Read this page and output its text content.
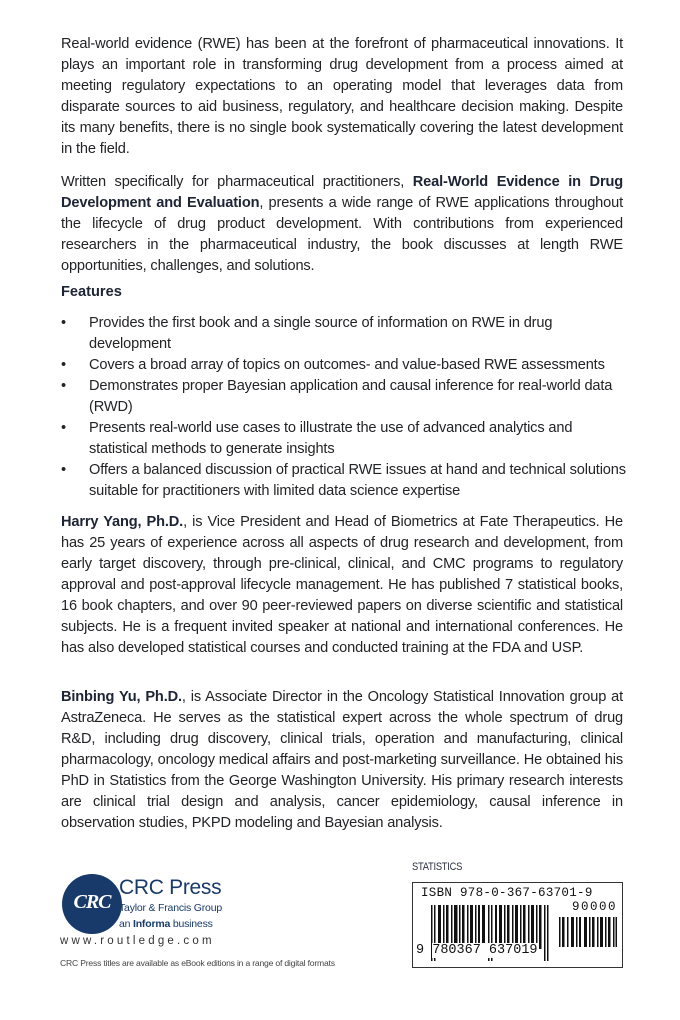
Real-world evidence (RWE) has been at the forefront of pharmaceutical innovations. It plays an important role in transforming drug development from a process aimed at meeting regulatory expectations to an operating model that leverages data from disparate sources to aid business, regulatory, and healthcare decision making. Despite its many benefits, there is no single book systematically covering the latest development in the field.

Written specifically for pharmaceutical practitioners, Real-World Evidence in Drug Development and Evaluation, presents a wide range of RWE applications throughout the lifecycle of drug product development. With contributions from experienced researchers in the pharmaceutical industry, the book discusses at length RWE opportunities, challenges, and solutions.

Features
• Provides the first book and a single source of information on RWE in drug development
• Covers a broad array of topics on outcomes- and value-based RWE assessments
• Demonstrates proper Bayesian application and causal inference for real-world data (RWD)
• Presents real-world use cases to illustrate the use of advanced analytics and statistical methods to generate insights
• Offers a balanced discussion of practical RWE issues at hand and technical solutions suitable for practitioners with limited data science expertise

Harry Yang, Ph.D., is Vice President and Head of Biometrics at Fate Therapeutics. He has 25 years of experience across all aspects of drug research and development, from early target discovery, through pre-clinical, clinical, and CMC programs to regulatory approval and post-approval lifecycle management. He has published 7 statistical books, 16 book chapters, and over 90 peer-reviewed papers on diverse scientific and statistical subjects. He is a frequent invited speaker at national and international conferences. He has also developed statistical courses and conducted training at the FDA and USP.

Binbing Yu, Ph.D., is Associate Director in the Oncology Statistical Innovation group at AstraZeneca. He serves as the statistical expert across the whole spectrum of drug R&D, including drug discovery, clinical trials, operation and manufacturing, clinical pharmacology, oncology medical affairs and post-marketing surveillance. He obtained his PhD in Statistics from the George Washington University. His primary research interests are clinical trial design and analysis, cancer epidemiology, causal inference in observation studies, PKPD modeling and Bayesian analysis.

CRC
CRC Press
Taylor & Francis Group
an Informa business
www.routledge.com
CRC Press titles are available as eBook editions in a range of digital formats
STATISTICS
ISBN 978-0-367-63701-9
90000
9 780367 637019
